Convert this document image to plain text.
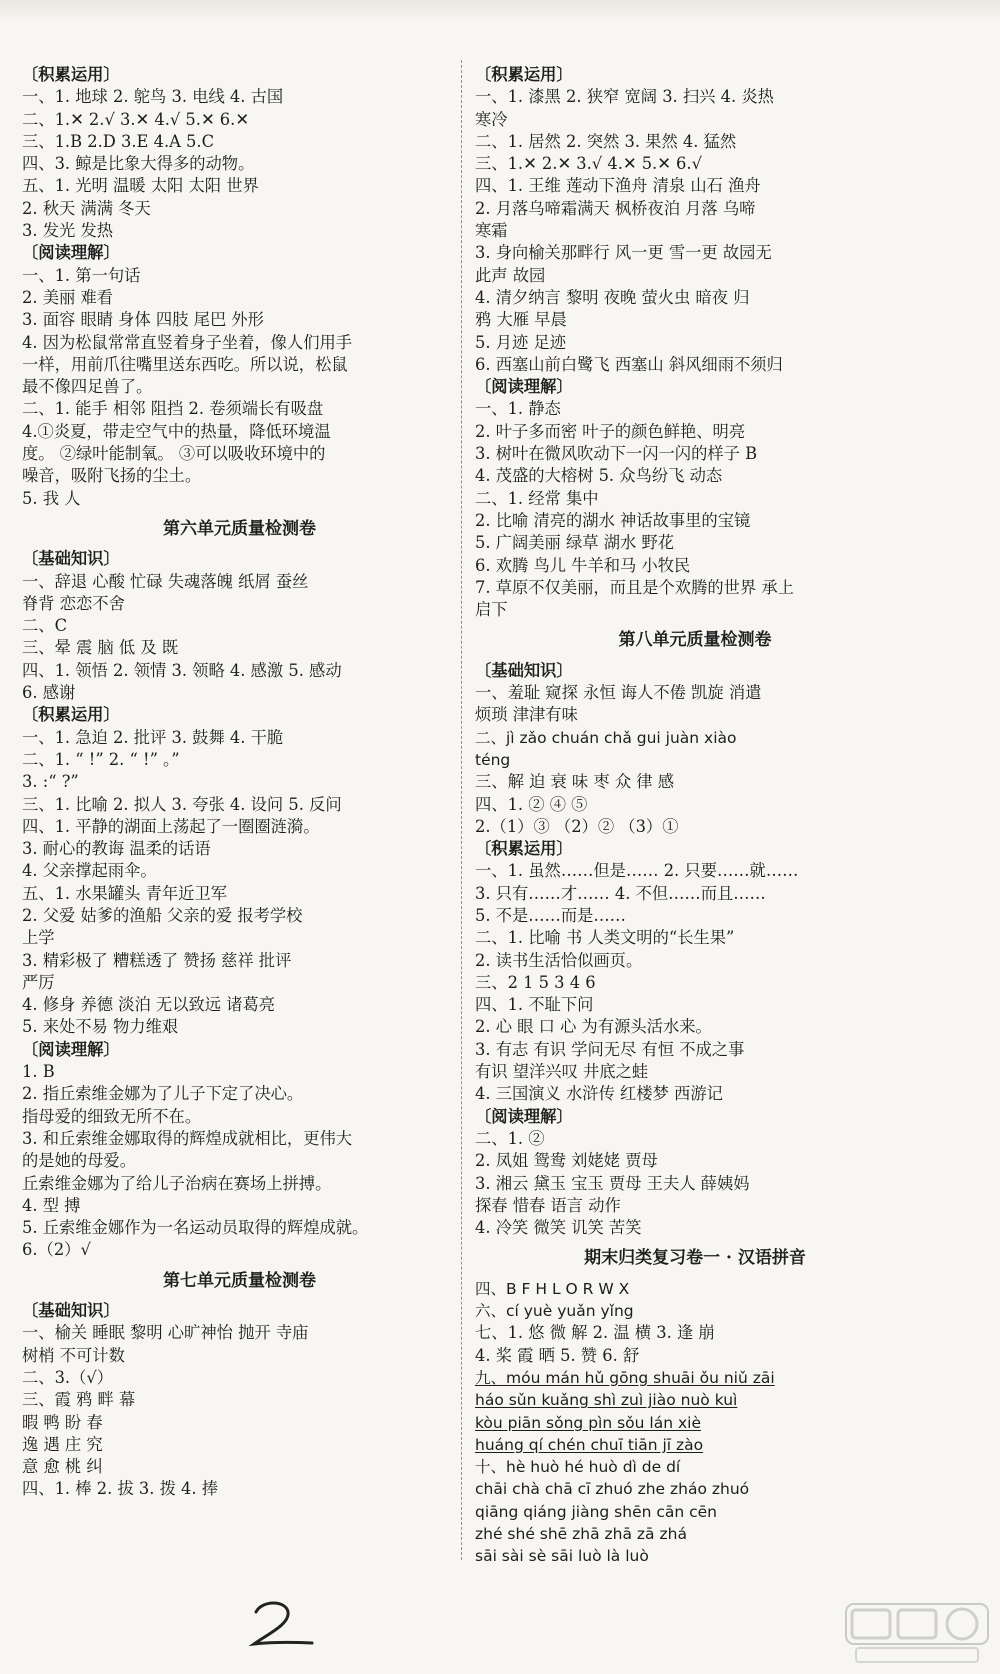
〔积累运用〕
一、1. 地球 2. 鸵鸟 3. 电线 4. 古国
二、1.✕ 2.√ 3.✕ 4.√ 5.✕ 6.✕
三、1.B 2.D 3.E 4.A 5.C
四、3. 鲸是比象大得多的动物。
五、1. 光明 温暖 太阳 太阳 世界
2. 秋天 满满 冬天
3. 发光 发热
〔阅读理解〕
一、1. 第一句话
2. 美丽 难看
3. 面容 眼睛 身体 四肢 尾巴 外形
4. 因为松鼠常常直竖着身子坐着，像人们用手
一样，用前爪往嘴里送东西吃。所以说，松鼠
最不像四足兽了。
二、1. 能手 相邻 阻挡 2. 卷须端长有吸盘
4.①炎夏，带走空气中的热量，降低环境温
度。 ②绿叶能制氧。 ③可以吸收环境中的
噪音，吸附飞扬的尘土。
5. 我 人
第六单元质量检测卷
〔基础知识〕
一、辞退 心酸 忙碌 失魂落魄 纸屑 蚕丝
脊背 恋恋不舍
二、C
三、晕 震 脑 低 及 既
四、1. 领悟 2. 领情 3. 领略 4. 感激 5. 感动
6. 感谢
〔积累运用〕
一、1. 急迫 2. 批评 3. 鼓舞 4. 干脆
二、1. “ !” 2. “ !” 。”
3. :“ ?”
三、1. 比喻 2. 拟人 3. 夸张 4. 设问 5. 反问
四、1. 平静的湖面上荡起了一圈圈涟漪。
3. 耐心的教诲 温柔的话语
4. 父亲撑起雨伞。
五、1. 水果罐头 青年近卫军
2. 父爱 姑爹的渔船 父亲的爱 报考学校
上学
3. 精彩极了 糟糕透了 赞扬 慈祥 批评
严厉
4. 修身 养德 淡泊 无以致远 诸葛亮
5. 来处不易 物力维艰
〔阅读理解〕
1. B
2. 指丘索维金娜为了儿子下定了决心。
指母爱的细致无所不在。
3. 和丘索维金娜取得的辉煌成就相比，更伟大
的是她的母爱。
丘索维金娜为了给儿子治病在赛场上拼搏。
4. 型 搏
5. 丘索维金娜作为一名运动员取得的辉煌成就。
6.（2）√
第七单元质量检测卷
〔基础知识〕
一、榆关 睡眠 黎明 心旷神怡 抛开 寺庙
树梢 不可计数
二、3.（√）
三、霞 鸦 畔 幕
暇 鸭 盼 春
逸 遇 庄 究
意 愈 桃 纠
四、1. 棒 2. 拔 3. 拨 4. 捧
〔积累运用〕
一、1. 漆黑 2. 狭窄 宽阔 3. 扫兴 4. 炎热
寒冷
二、1. 居然 2. 突然 3. 果然 4. 猛然
三、1.✕ 2.✕ 3.√ 4.✕ 5.✕ 6.√
四、1. 王维 莲动下渔舟 清泉 山石 渔舟
2. 月落乌啼霜满天 枫桥夜泊 月落 乌啼
寒霜
3. 身向榆关那畔行 风一更 雪一更 故园无
此声 故园
4. 清夕纳言 黎明 夜晚 萤火虫 暗夜 归
鸦 大雁 早晨
5. 月迹 足迹
6. 西塞山前白鹭飞 西塞山 斜风细雨不须归
〔阅读理解〕
一、1. 静态
2. 叶子多而密 叶子的颜色鲜艳、明亮
3. 树叶在微风吹动下一闪一闪的样子 B
4. 茂盛的大榕树 5. 众鸟纷飞 动态
二、1. 经常 集中
2. 比喻 清亮的湖水 神话故事里的宝镜
5. 广阔美丽 绿草 湖水 野花
6. 欢腾 鸟儿 牛羊和马 小牧民
7. 草原不仅美丽，而且是个欢腾的世界 承上
启下
第八单元质量检测卷
〔基础知识〕
一、羞耻 窥探 永恒 诲人不倦 凯旋 消遣
烦琐 津津有味
二、jì zǎo chuán chǎ gui juàn xiào
téng
三、解 迫 衰 味 枣 众 律 感
四、1. ② ④ ⑤
2.（1）③ （2）② （3）①
〔积累运用〕
一、1. 虽然……但是…… 2. 只要……就……
3. 只有……才…… 4. 不但……而且……
5. 不是……而是……
二、1. 比喻 书 人类文明的“长生果”
2. 读书生活恰似画页。
三、2 1 5 3 4 6
四、1. 不耻下问
2. 心 眼 口 心 为有源头活水来。
3. 有志 有识 学问无尽 有恒 不成之事
有识 望洋兴叹 井底之蛙
4. 三国演义 水浒传 红楼梦 西游记
〔阅读理解〕
二、1. ②
2. 凤姐 鸳鸯 刘姥姥 贾母
3. 湘云 黛玉 宝玉 贾母 王夫人 薛姨妈
探春 惜春 语言 动作
4. 冷笑 微笑 讥笑 苦笑
期末归类复习卷一 · 汉语拼音
四、B F H L O R W X
六、cí yuè yuǎn yǐng
七、1. 悠 微 解 2. 温 横 3. 逢 崩
4. 桨 霞 晒 5. 赞 6. 舒
九、móu mán hǔ gōng shuāi ǒu niǔ zāi
háo sǔn kuǎng shì zuì jiào nuò kuì
kòu piān sǒng pìn sǒu lán xiè
huáng qí chén chuī tiān jī zào
十、hè huò hé huò dì de dí
chāi chà chā cī zhuó zhe zháo zhuó
qiāng qiáng jiàng shēn cān cēn
zhé shé shē zhā zhā zā zhá
sāi sài sè sāi luò là luò
